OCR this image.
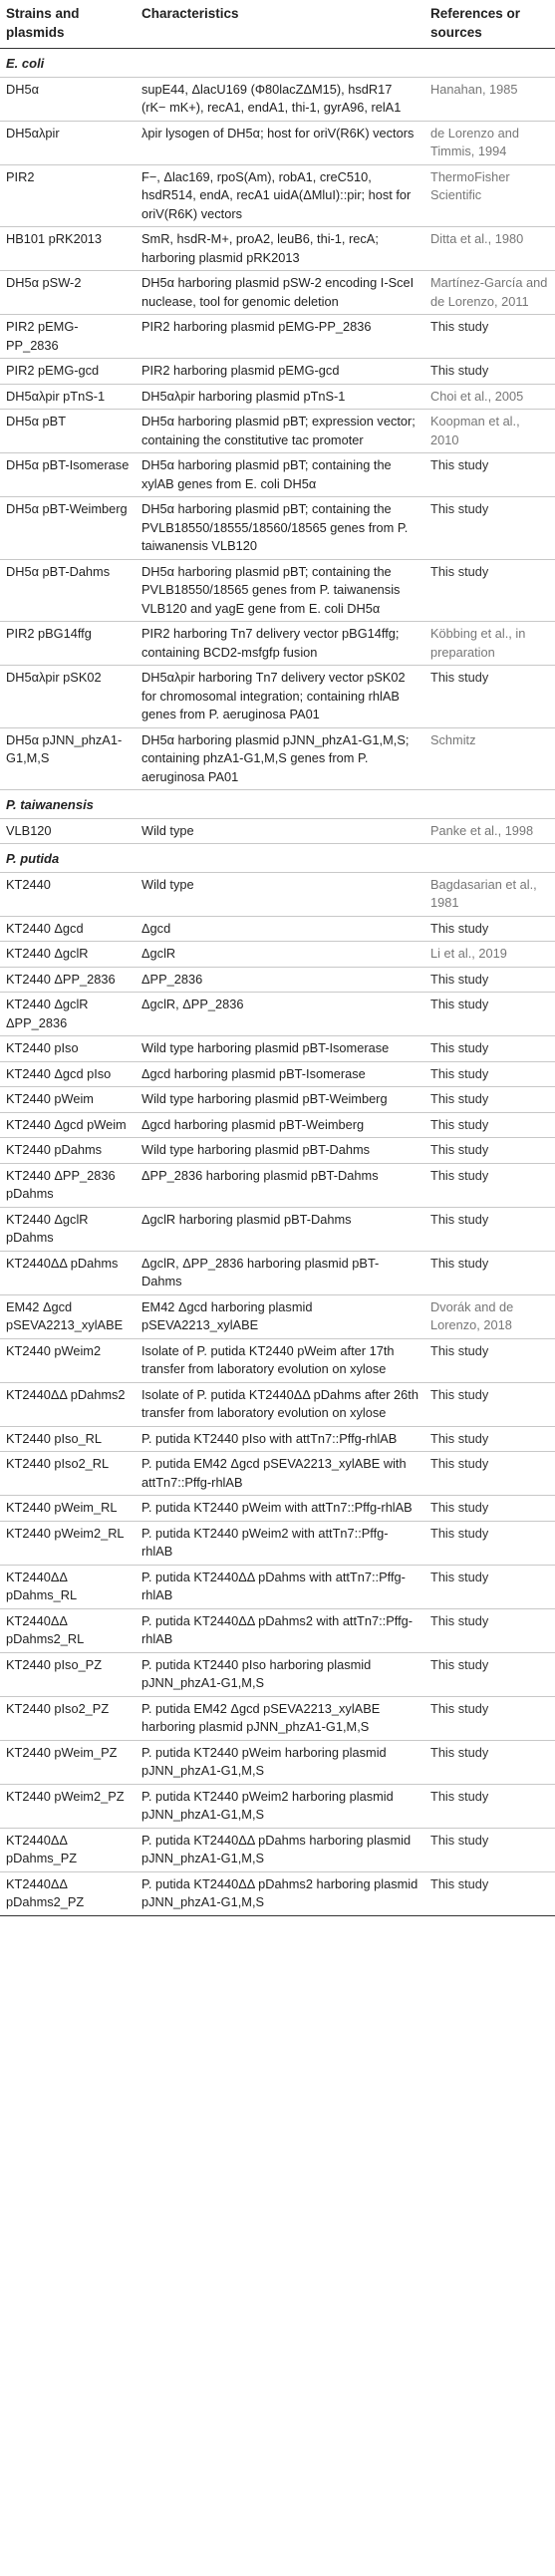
Strains and plasmids	Characteristics	References or sources
E. coli		
DH5α	supE44, ΔlacU169 (Φ80lacZΔM15), hsdR17 (rK− mK+), recA1, endA1, thi-1, gyrA96, relA1	Hanahan, 1985
DH5αλpir	λpir lysogen of DH5α; host for oriV(R6K) vectors	de Lorenzo and Timmis, 1994
PIR2	F−, Δlac169, rpoS(Am), robA1, creC510, hsdR514, endA, recA1 uidA(ΔMluI)::pir; host for oriV(R6K) vectors	ThermoFisher Scientific
HB101 pRK2013	SmR, hsdR-M+, proA2, leuB6, thi-1, recA; harboring plasmid pRK2013	Ditta et al., 1980
DH5α pSW-2	DH5α harboring plasmid pSW-2 encoding I-SceI nuclease, tool for genomic deletion	Martínez-García and de Lorenzo, 2011
PIR2 pEMG-PP_2836	PIR2 harboring plasmid pEMG-PP_2836	This study
PIR2 pEMG-gcd	PIR2 harboring plasmid pEMG-gcd	This study
DH5αλpir pTnS-1	DH5αλpir harboring plasmid pTnS-1	Choi et al., 2005
DH5α pBT	DH5α harboring plasmid pBT; expression vector; containing the constitutive tac promoter	Koopman et al., 2010
DH5α pBT-Isomerase	DH5α harboring plasmid pBT; containing the xylAB genes from E. coli DH5α	This study
DH5α pBT-Weimberg	DH5α harboring plasmid pBT; containing the PVLB18550/18555/18560/18565 genes from P. taiwanensis VLB120	This study
DH5α pBT-Dahms	DH5α harboring plasmid pBT; containing the PVLB18550/18565 genes from P. taiwanensis VLB120 and yagE gene from E. coli DH5α	This study
PIR2 pBG14ffg	PIR2 harboring Tn7 delivery vector pBG14ffg; containing BCD2-msfgfp fusion	Köbbing et al., in preparation
DH5αλpir pSK02	DH5αλpir harboring Tn7 delivery vector pSK02 for chromosomal integration; containing rhlAB genes from P. aeruginosa PA01	This study
DH5α pJNN_phzA1-G1,M,S	DH5α harboring plasmid pJNN_phzA1-G1,M,S; containing phzA1-G1,M,S genes from P. aeruginosa PA01	Schmitz
P. taiwanensis		
VLB120	Wild type	Panke et al., 1998
P. putida		
KT2440	Wild type	Bagdasarian et al., 1981
KT2440 Δgcd	Δgcd	This study
KT2440 ΔgclR	ΔgclR	Li et al., 2019
KT2440 ΔPP_2836	ΔPP_2836	This study
KT2440 ΔgclR ΔPP_2836	ΔgclR, ΔPP_2836	This study
KT2440 pIso	Wild type harboring plasmid pBT-Isomerase	This study
KT2440 Δgcd pIso	Δgcd harboring plasmid pBT-Isomerase	This study
KT2440 pWeim	Wild type harboring plasmid pBT-Weimberg	This study
KT2440 Δgcd pWeim	Δgcd harboring plasmid pBT-Weimberg	This study
KT2440 pDahms	Wild type harboring plasmid pBT-Dahms	This study
KT2440 ΔPP_2836 pDahms	ΔPP_2836 harboring plasmid pBT-Dahms	This study
KT2440 ΔgclR pDahms	ΔgclR harboring plasmid pBT-Dahms	This study
KT2440ΔΔ pDahms	ΔgclR, ΔPP_2836 harboring plasmid pBT-Dahms	This study
EM42 Δgcd pSEVA2213_xylABE	EM42 Δgcd harboring plasmid pSEVA2213_xylABE	Dvorák and de Lorenzo, 2018
KT2440 pWeim2	Isolate of P. putida KT2440 pWeim after 17th transfer from laboratory evolution on xylose	This study
KT2440ΔΔ pDahms2	Isolate of P. putida KT2440ΔΔ pDahms after 26th transfer from laboratory evolution on xylose	This study
KT2440 pIso_RL	P. putida KT2440 pIso with attTn7::Pffg-rhlAB	This study
KT2440 pIso2_RL	P. putida EM42 Δgcd pSEVA2213_xylABE with attTn7::Pffg-rhlAB	This study
KT2440 pWeim_RL	P. putida KT2440 pWeim with attTn7::Pffg-rhlAB	This study
KT2440 pWeim2_RL	P. putida KT2440 pWeim2 with attTn7::Pffg-rhlAB	This study
KT2440ΔΔ pDahms_RL	P. putida KT2440ΔΔ pDahms with attTn7::Pffg-rhlAB	This study
KT2440ΔΔ pDahms2_RL	P. putida KT2440ΔΔ pDahms2 with attTn7::Pffg-rhlAB	This study
KT2440 pIso_PZ	P. putida KT2440 pIso harboring plasmid pJNN_phzA1-G1,M,S	This study
KT2440 pIso2_PZ	P. putida EM42 Δgcd pSEVA2213_xylABE harboring plasmid pJNN_phzA1-G1,M,S	This study
KT2440 pWeim_PZ	P. putida KT2440 pWeim harboring plasmid pJNN_phzA1-G1,M,S	This study
KT2440 pWeim2_PZ	P. putida KT2440 pWeim2 harboring plasmid pJNN_phzA1-G1,M,S	This study
KT2440ΔΔ pDahms_PZ	P. putida KT2440ΔΔ pDahms harboring plasmid pJNN_phzA1-G1,M,S	This study
KT2440ΔΔ pDahms2_PZ	P. putida KT2440ΔΔ pDahms2 harboring plasmid pJNN_phzA1-G1,M,S	This study
